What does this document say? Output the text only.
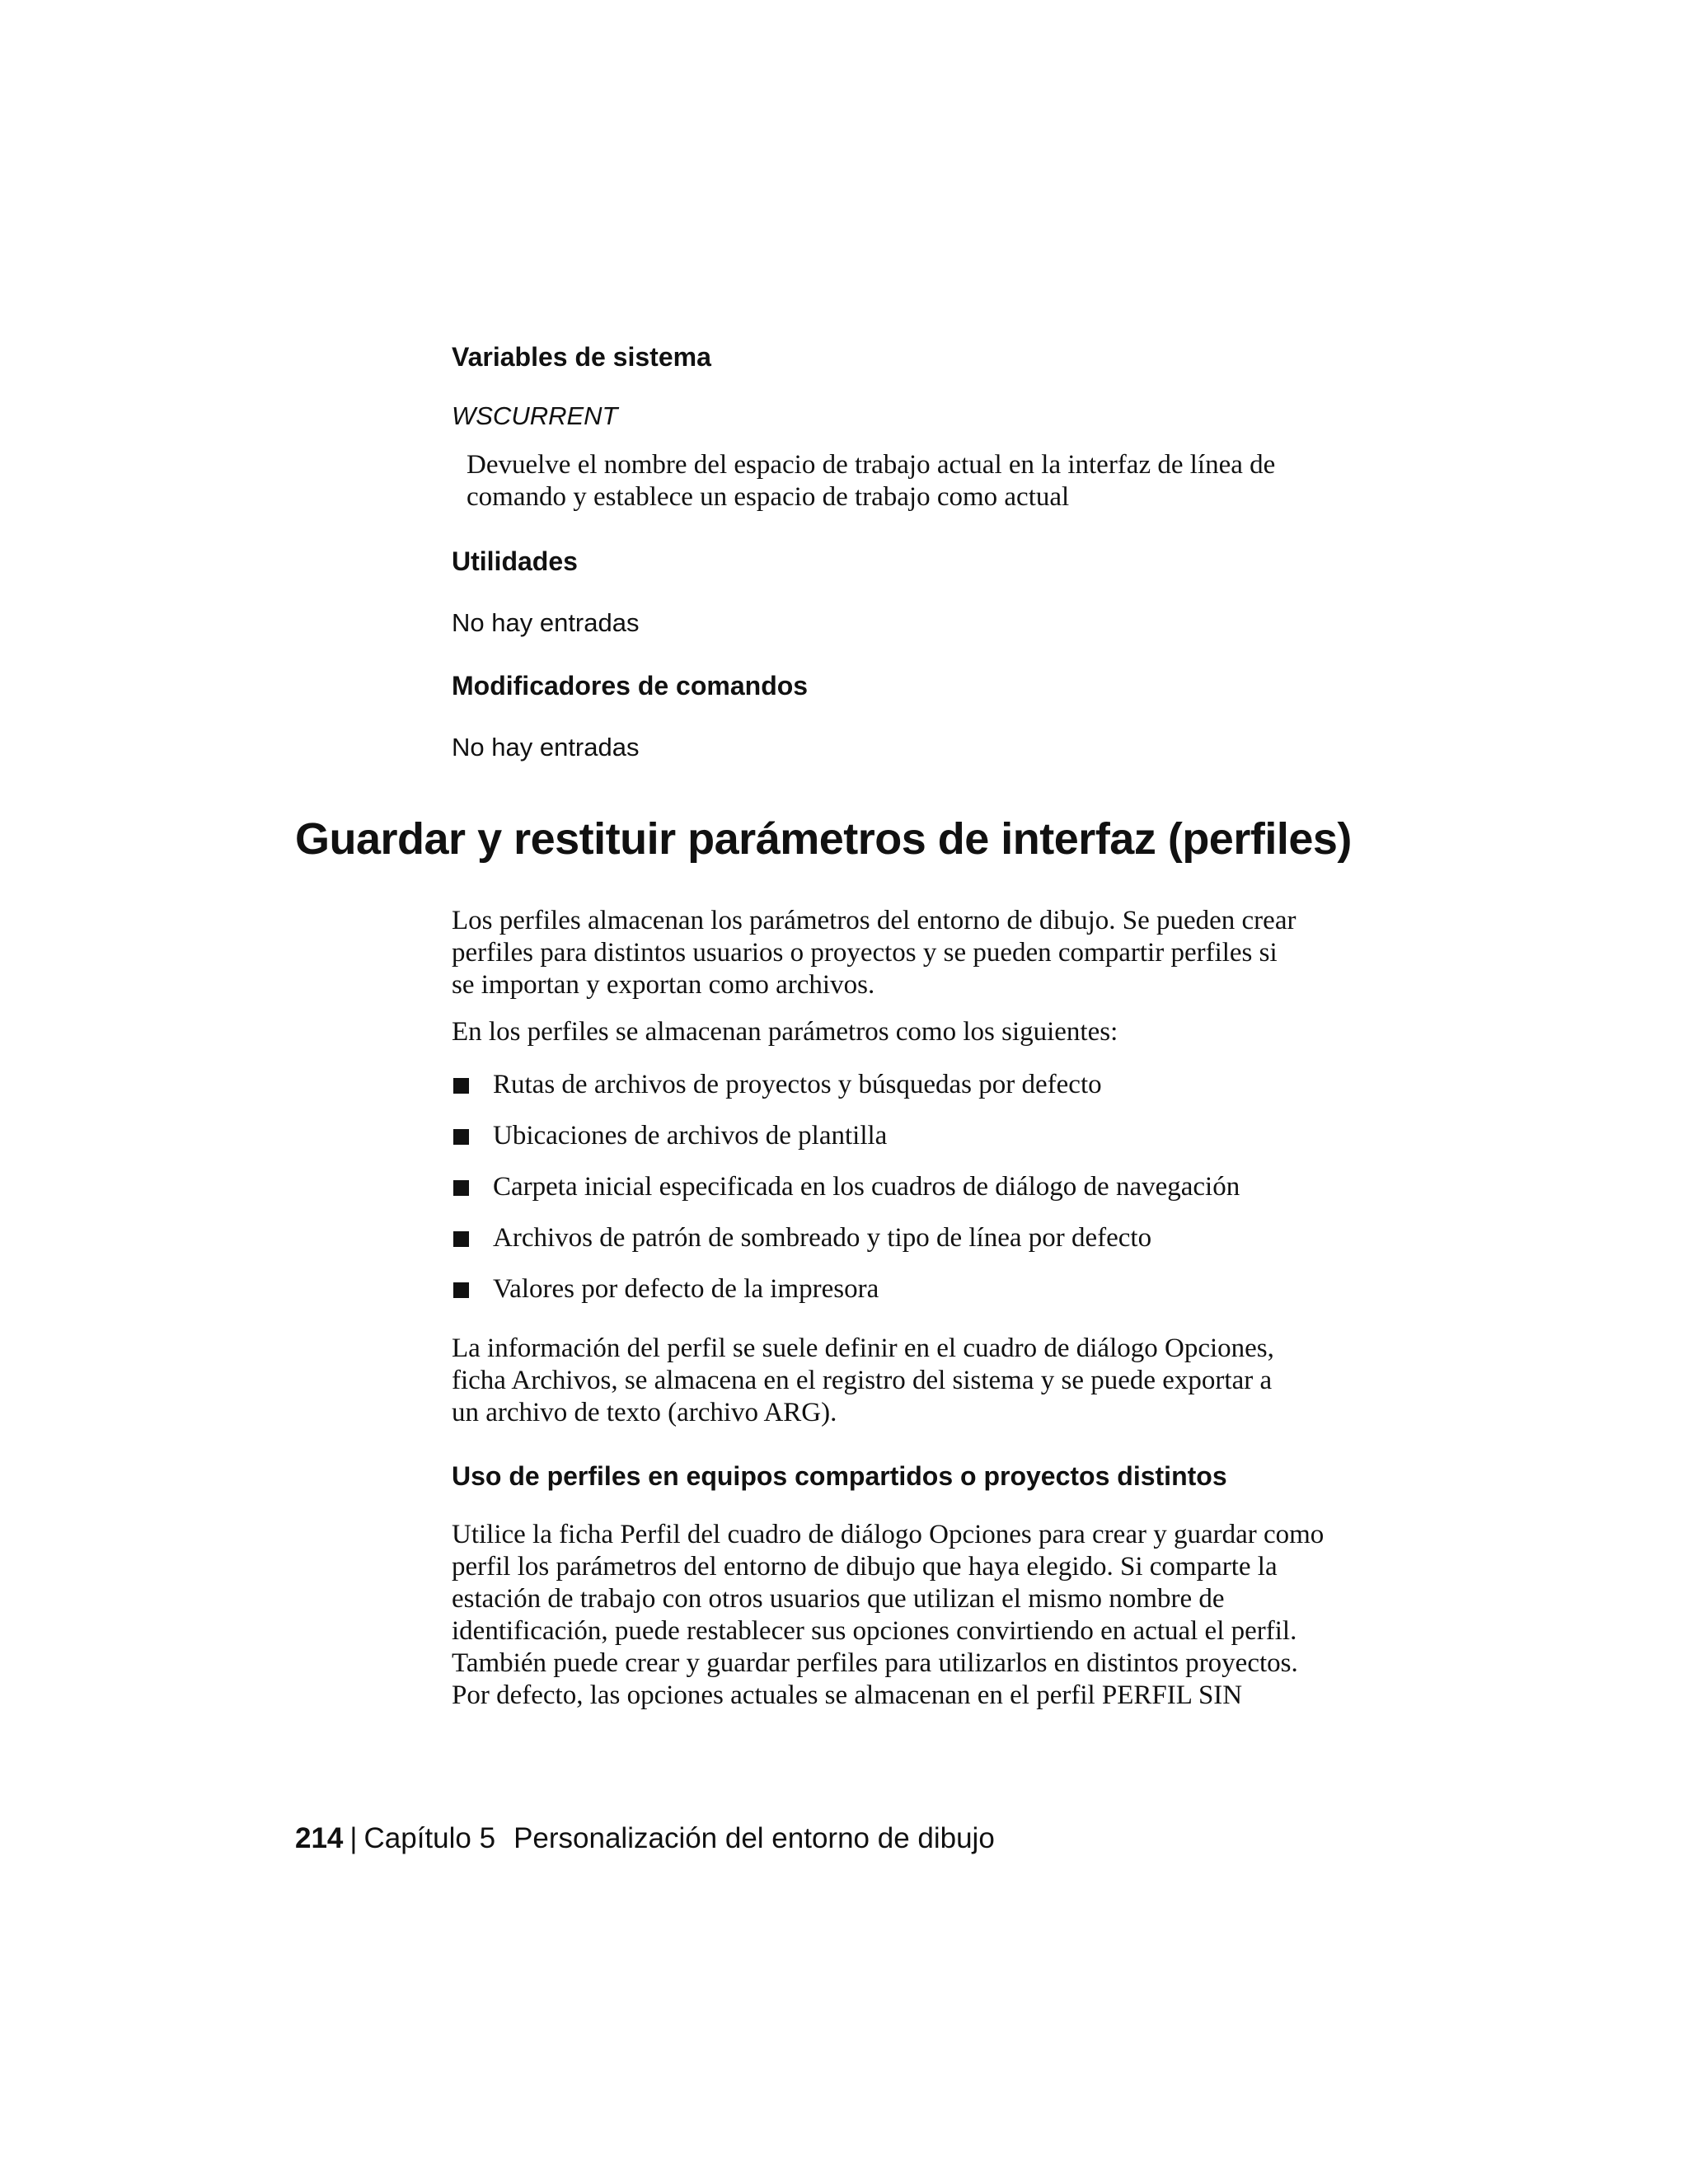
Variables de sistema
WSCURRENT
Devuelve el nombre del espacio de trabajo actual en la interfaz de línea de
comando y establece un espacio de trabajo como actual
Utilidades
No hay entradas
Modificadores de comandos
No hay entradas
Guardar y restituir parámetros de interfaz (perfiles)
Los perfiles almacenan los parámetros del entorno de dibujo. Se pueden crear
perfiles para distintos usuarios o proyectos y se pueden compartir perfiles si
se importan y exportan como archivos.
En los perfiles se almacenan parámetros como los siguientes:
Rutas de archivos de proyectos y búsquedas por defecto
Ubicaciones de archivos de plantilla
Carpeta inicial especificada en los cuadros de diálogo de navegación
Archivos de patrón de sombreado y tipo de línea por defecto
Valores por defecto de la impresora
La información del perfil se suele definir en el cuadro de diálogo Opciones,
ficha Archivos, se almacena en el registro del sistema y se puede exportar a
un archivo de texto (archivo ARG).
Uso de perfiles en equipos compartidos o proyectos distintos
Utilice la ficha Perfil del cuadro de diálogo Opciones para crear y guardar como
perfil los parámetros del entorno de dibujo que haya elegido. Si comparte la
estación de trabajo con otros usuarios que utilizan el mismo nombre de
identificación, puede restablecer sus opciones convirtiendo en actual el perfil.
También puede crear y guardar perfiles para utilizarlos en distintos proyectos.
Por defecto, las opciones actuales se almacenan en el perfil PERFIL SIN
214 | Capítulo 5 Personalización del entorno de dibujo
